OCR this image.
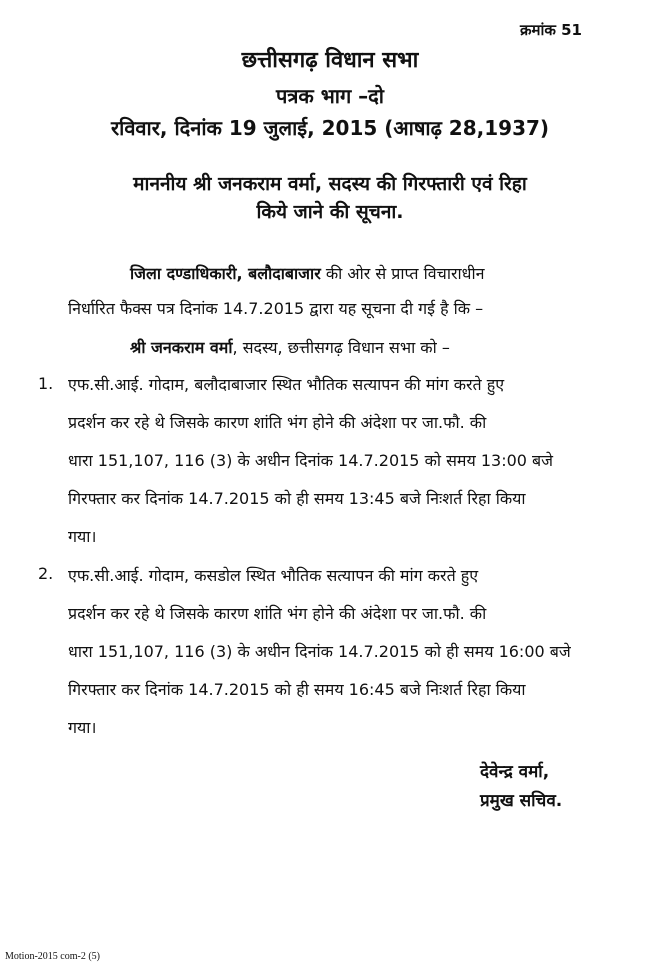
क्रमांक 51
छत्तीसगढ़ विधान सभा
पत्रक भाग –दो
रविवार, दिनांक 19 जुलाई, 2015 (आषाढ़ 28,1937)
माननीय श्री जनकराम वर्मा, सदस्य की गिरफ्तारी एवं रिहा
किये जाने की सूचना.
जिला दण्डाधिकारी, बलौदाबाजार की ओर से प्राप्त विचाराधीन
निर्धारित फैक्स पत्र दिनांक 14.7.2015 द्वारा यह सूचना दी गई है कि –
श्री जनकराम वर्मा, सदस्य, छत्तीसगढ़ विधान सभा को –
1. एफ.सी.आई. गोदाम, बलौदाबाजार स्थित भौतिक सत्यापन की मांग करते हुए
प्रदर्शन कर रहे थे जिसके कारण शांति भंग होने की अंदेशा पर जा.फौ. की
धारा 151,107, 116 (3) के अधीन दिनांक 14.7.2015 को समय 13:00 बजे
गिरफ्तार कर दिनांक 14.7.2015 को ही समय 13:45 बजे निःशर्त रिहा किया
गया।
2. एफ.सी.आई. गोदाम, कसडोल स्थित भौतिक सत्यापन की मांग करते हुए
प्रदर्शन कर रहे थे जिसके कारण शांति भंग होने की अंदेशा पर जा.फौ. की
धारा 151,107, 116 (3) के अधीन दिनांक 14.7.2015 को ही समय 16:00 बजे
गिरफ्तार कर दिनांक 14.7.2015 को ही समय 16:45 बजे निःशर्त रिहा किया
गया।
देवेन्द्र वर्मा,
प्रमुख सचिव.
Motion-2015 com-2 (5)
